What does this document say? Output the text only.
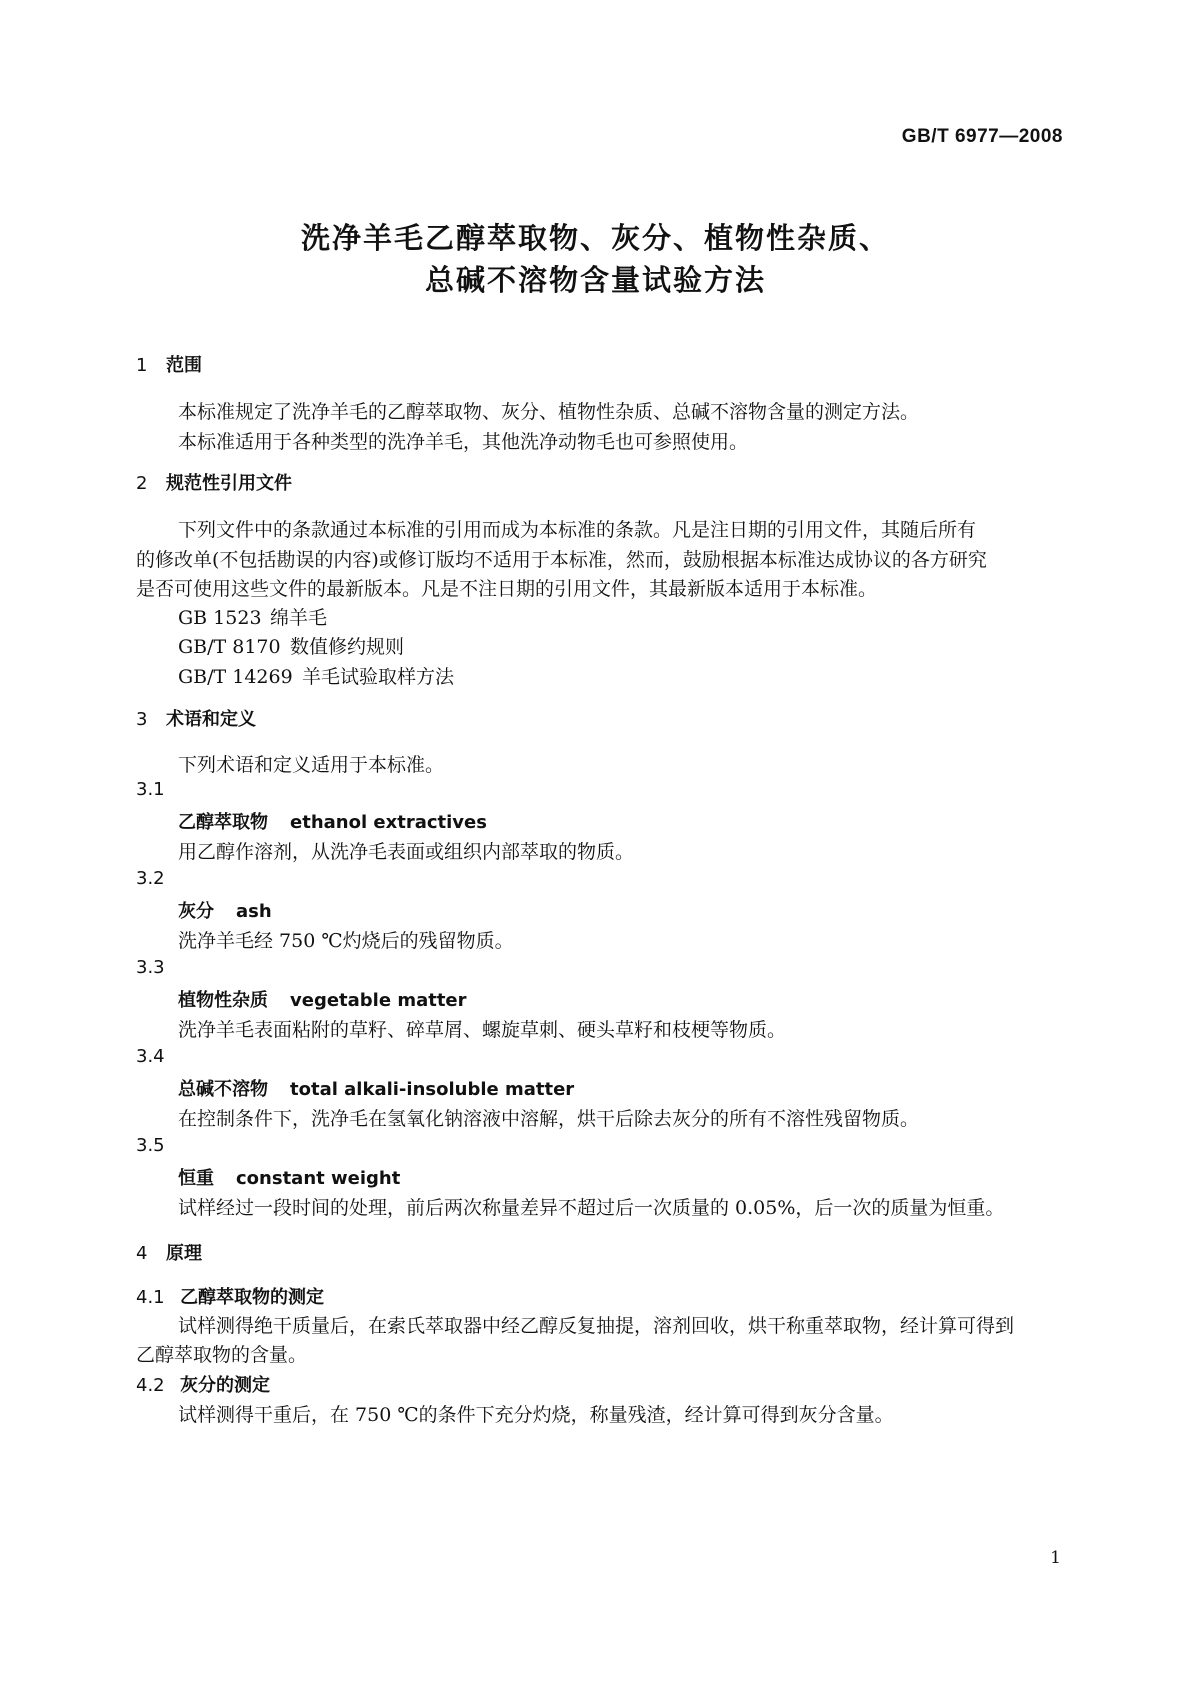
GB/T 6977—2008
洗净羊毛乙醇萃取物、灰分、植物性杂质、
总碱不溶物含量试验方法
1 范围
本标准规定了洗净羊毛的乙醇萃取物、灰分、植物性杂质、总碱不溶物含量的测定方法。
本标准适用于各种类型的洗净羊毛，其他洗净动物毛也可参照使用。
2 规范性引用文件
下列文件中的条款通过本标准的引用而成为本标准的条款。凡是注日期的引用文件，其随后所有
的修改单(不包括勘误的内容)或修订版均不适用于本标准，然而，鼓励根据本标准达成协议的各方研究
是否可使用这些文件的最新版本。凡是不注日期的引用文件，其最新版本适用于本标准。
GB 1523 绵羊毛
GB/T 8170 数值修约规则
GB/T 14269 羊毛试验取样方法
3 术语和定义
下列术语和定义适用于本标准。
3.1
乙醇萃取物 ethanol extractives
用乙醇作溶剂，从洗净毛表面或组织内部萃取的物质。
3.2
灰分 ash
洗净羊毛经 750 ℃灼烧后的残留物质。
3.3
植物性杂质 vegetable matter
洗净羊毛表面粘附的草籽、碎草屑、螺旋草刺、硬头草籽和枝梗等物质。
3.4
总碱不溶物 total alkali-insoluble matter
在控制条件下，洗净毛在氢氧化钠溶液中溶解，烘干后除去灰分的所有不溶性残留物质。
3.5
恒重 constant weight
试样经过一段时间的处理，前后两次称量差异不超过后一次质量的 0.05%，后一次的质量为恒重。
4 原理
4.1 乙醇萃取物的测定
试样测得绝干质量后，在索氏萃取器中经乙醇反复抽提，溶剂回收，烘干称重萃取物，经计算可得到
乙醇萃取物的含量。
4.2 灰分的测定
试样测得干重后，在 750 ℃的条件下充分灼烧，称量残渣，经计算可得到灰分含量。
1
